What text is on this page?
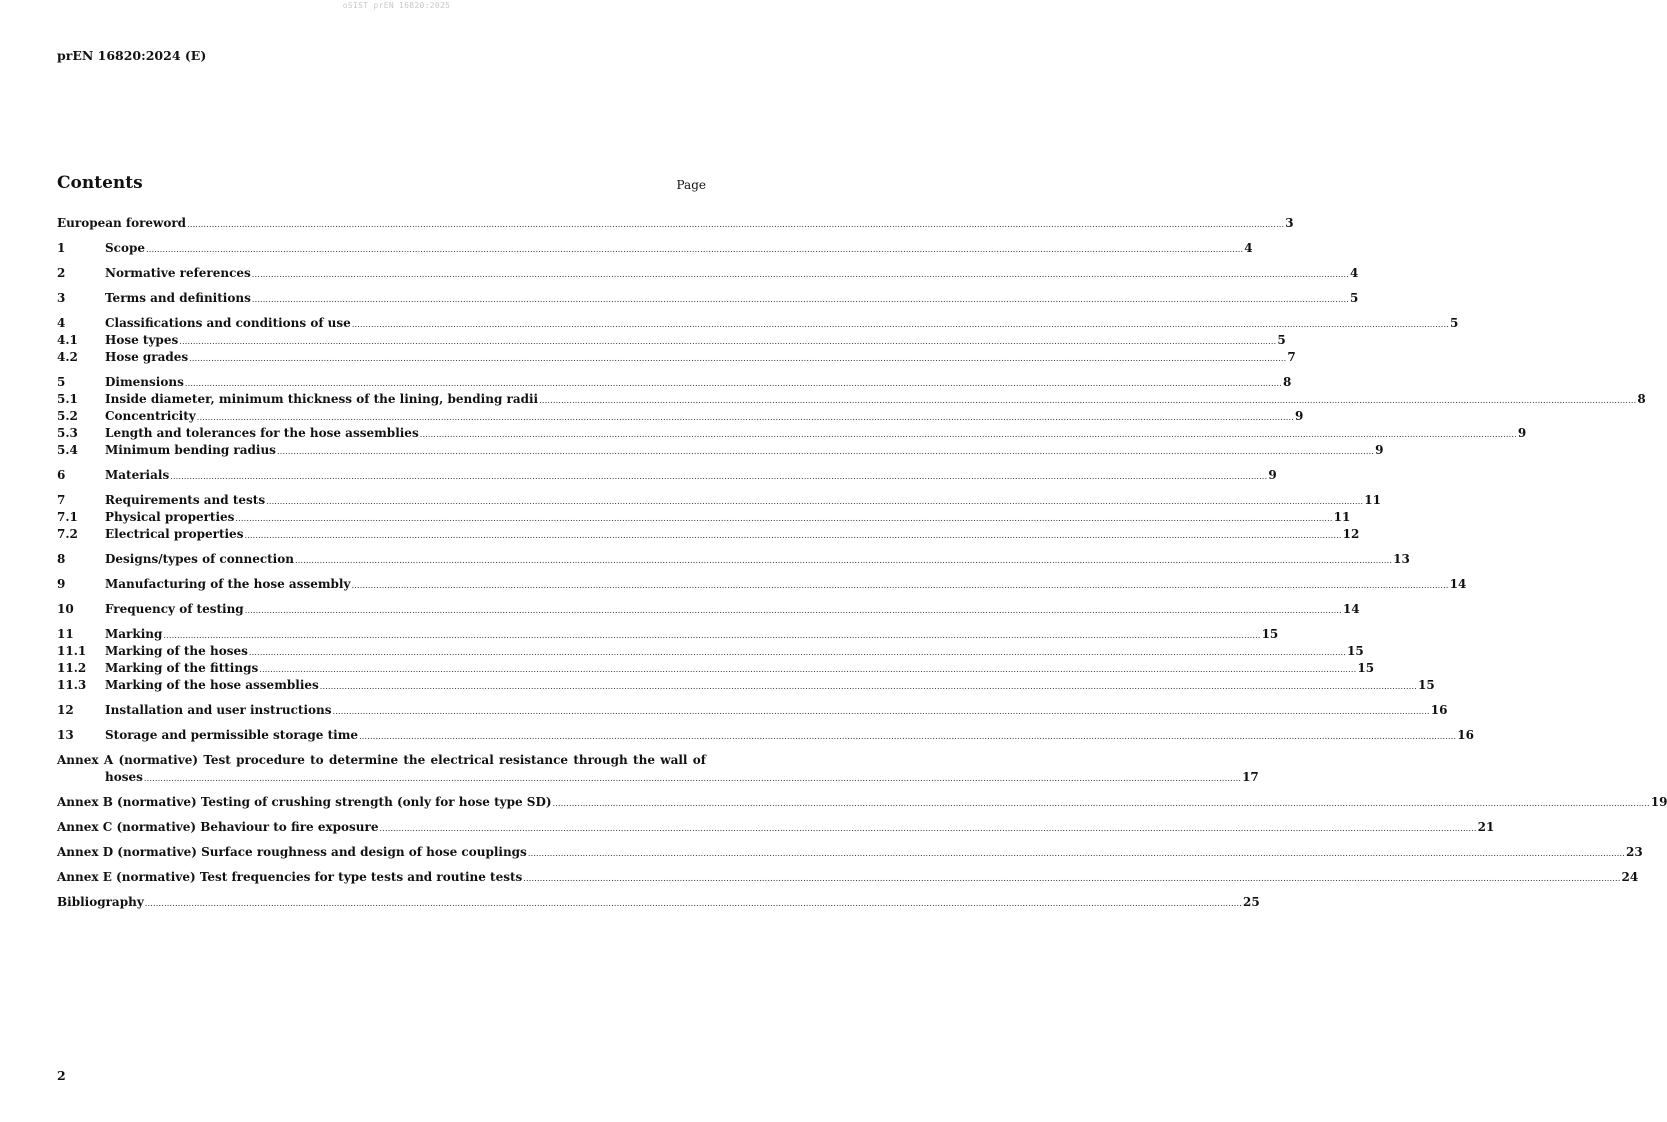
oSIST prEN 16820:2025
prEN 16820:2024 (E)
Contents	Page
European foreword ................................................................................................................................................................................................................................................................................................................................................................................................................ 3
1	Scope ................................................................................................................................................................................................................................................................................................................................................................................................................ 4
2	Normative references ................................................................................................................................................................................................................................................................................................................................................................................................................ 4
3	Terms and definitions ................................................................................................................................................................................................................................................................................................................................................................................................................ 5
4	Classifications and conditions of use ................................................................................................................................................................................................................................................................................................................................................................................................................ 5
4.1	Hose types ................................................................................................................................................................................................................................................................................................................................................................................................................ 5
4.2	Hose grades ................................................................................................................................................................................................................................................................................................................................................................................................................ 7
5	Dimensions ................................................................................................................................................................................................................................................................................................................................................................................................................ 8
5.1	Inside diameter, minimum thickness of the lining, bending radii ................................................................................................................................................................................................................................................................................................................................................................................................................ 8
5.2	Concentricity ................................................................................................................................................................................................................................................................................................................................................................................................................ 9
5.3	Length and tolerances for the hose assemblies ................................................................................................................................................................................................................................................................................................................................................................................................................ 9
5.4	Minimum bending radius ................................................................................................................................................................................................................................................................................................................................................................................................................ 9
6	Materials ................................................................................................................................................................................................................................................................................................................................................................................................................ 9
7	Requirements and tests ................................................................................................................................................................................................................................................................................................................................................................................................................ 11
7.1	Physical properties ................................................................................................................................................................................................................................................................................................................................................................................................................ 11
7.2	Electrical properties ................................................................................................................................................................................................................................................................................................................................................................................................................ 12
8	Designs/types of connection ................................................................................................................................................................................................................................................................................................................................................................................................................ 13
9	Manufacturing of the hose assembly ................................................................................................................................................................................................................................................................................................................................................................................................................ 14
10	Frequency of testing ................................................................................................................................................................................................................................................................................................................................................................................................................ 14
11	Marking ................................................................................................................................................................................................................................................................................................................................................................................................................ 15
11.1	Marking of the hoses ................................................................................................................................................................................................................................................................................................................................................................................................................ 15
11.2	Marking of the fittings ................................................................................................................................................................................................................................................................................................................................................................................................................ 15
11.3	Marking of the hose assemblies ................................................................................................................................................................................................................................................................................................................................................................................................................ 15
12	Installation and user instructions ................................................................................................................................................................................................................................................................................................................................................................................................................ 16
13	Storage and permissible storage time ................................................................................................................................................................................................................................................................................................................................................................................................................ 16
Annex A (normative) Test procedure to determine the electrical resistance through the wall of
hoses ................................................................................................................................................................................................................................................................................................................................................................................................................ 17
Annex B (normative) Testing of crushing strength (only for hose type SD) ................................................................................................................................................................................................................................................................................................................................................................................................................ 19
Annex C (normative) Behaviour to fire exposure ................................................................................................................................................................................................................................................................................................................................................................................................................ 21
Annex D (normative) Surface roughness and design of hose couplings ................................................................................................................................................................................................................................................................................................................................................................................................................ 23
Annex E (normative) Test frequencies for type tests and routine tests ................................................................................................................................................................................................................................................................................................................................................................................................................ 24
Bibliography ................................................................................................................................................................................................................................................................................................................................................................................................................ 25
2
